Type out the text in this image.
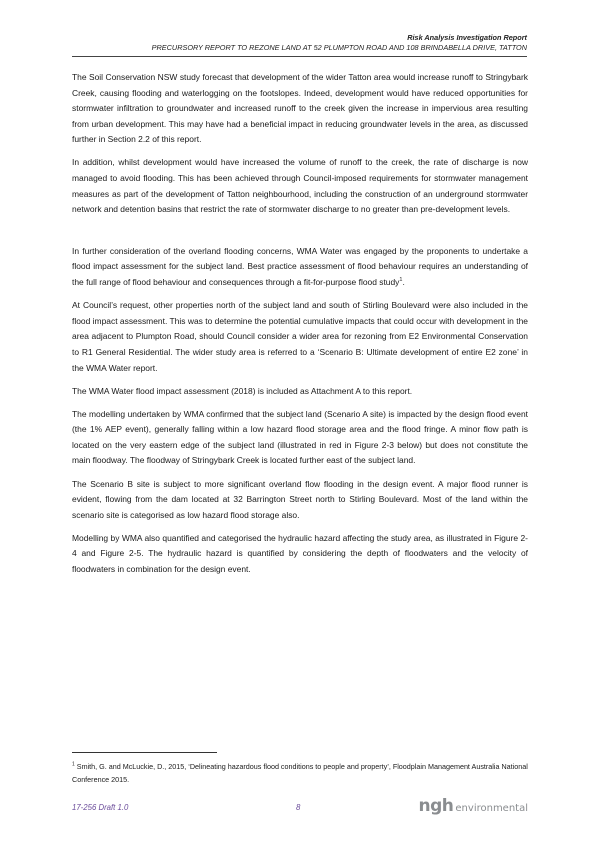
Risk Analysis Investigation Report
PRECURSORY REPORT TO REZONE LAND AT 52 PLUMPTON ROAD AND 108 BRINDABELLA DRIVE, TATTON

The Soil Conservation NSW study forecast that development of the wider Tatton area would increase runoff to Stringybark Creek, causing flooding and waterlogging on the footslopes. Indeed, development would have reduced opportunities for stormwater infiltration to groundwater and increased runoff to the creek given the increase in impervious area resulting from urban development. This may have had a beneficial impact in reducing groundwater levels in the area, as discussed further in Section 2.2 of this report.

In addition, whilst development would have increased the volume of runoff to the creek, the rate of discharge is now managed to avoid flooding. This has been achieved through Council-imposed requirements for stormwater management measures as part of the development of Tatton neighbourhood, including the construction of an underground stormwater network and detention basins that restrict the rate of stormwater discharge to no greater than pre-development levels.

In further consideration of the overland flooding concerns, WMA Water was engaged by the proponents to undertake a flood impact assessment for the subject land. Best practice assessment of flood behaviour requires an understanding of the full range of flood behaviour and consequences through a fit-for-purpose flood study$^1$.

At Council’s request, other properties north of the subject land and south of Stirling Boulevard were also included in the flood impact assessment. This was to determine the potential cumulative impacts that could occur with development in the area adjacent to Plumpton Road, should Council consider a wider area for rezoning from E2 Environmental Conservation to R1 General Residential. The wider study area is referred to a ‘Scenario B: Ultimate development of entire E2 zone’ in the WMA Water report.

The WMA Water flood impact assessment (2018) is included as Attachment A to this report.

The modelling undertaken by WMA confirmed that the subject land (Scenario A site) is impacted by the design flood event (the 1% AEP event), generally falling within a low hazard flood storage area and the flood fringe. A minor flow path is located on the very eastern edge of the subject land (illustrated in red in Figure 2-3 below) but does not constitute the main floodway. The floodway of Stringybark Creek is located further east of the subject land.

The Scenario B site is subject to more significant overland flow flooding in the design event. A major flood runner is evident, flowing from the dam located at 32 Barrington Street north to Stirling Boulevard. Most of the land within the scenario site is categorised as low hazard flood storage also.

Modelling by WMA also quantified and categorised the hydraulic hazard affecting the study area, as illustrated in Figure 2-4 and Figure 2-5. The hydraulic hazard is quantified by considering the depth of floodwaters and the velocity of floodwaters in combination for the design event.

$^1$ Smith, G. and McLuckie, D., 2015, ‘Delineating hazardous flood conditions to people and property’, Floodplain Management Australia National Conference 2015.
17-256 Draft 1.0	8	ngh environmental
